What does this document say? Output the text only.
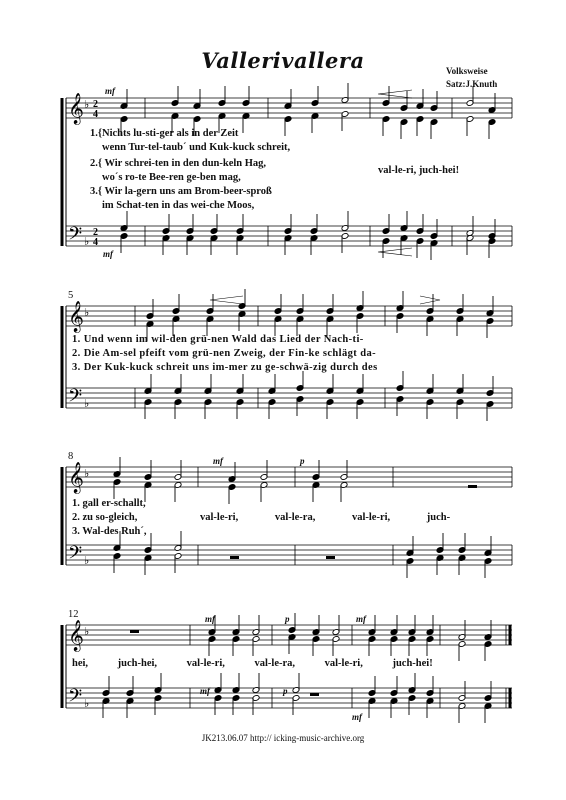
Vallerivallera	Volksweise
Satz:J.Knuth
𝄞
𝄢
𝄞
𝄢
𝄞
𝄢
𝄞
𝄢
♭
♭
♭
♭
♭
♭
♭
♭
2
4
2
4
mf
mf
mf	p
mf	p	mf
mf	p
mf
5
8
12
1.{Nichts lu-sti-ger als in der Zeit
wenn Tur-tel-taub´ und Kuk-kuck schreit,
2.{ Wir schrei-ten in den dun-keln Hag,
wo´s ro-te Bee-ren ge-ben mag,
3.{ Wir la-gern uns am Brom-beer-sproß
im Schat-ten in das wei-che Moos,
val-le-ri, juch-hei!
1. Und wenn im wil-den grü-nen Wald das Lied der Nach-ti-
2. Die Am-sel pfeift vom grü-nen Zweig, der Fin-ke schlägt da-
3. Der Kuk-kuck schreit uns im-mer zu ge-schwä-zig durch des
1. gall er-schallt,
2. zu so-gleich,
3. Wal-des Ruh´,
val-le-ri, val-le-ra, val-le-ri, juch-
hei, juch-hei, val-le-ri, val-le-ra, val-le-ri, juch-hei!
JK213.06.07 http:// icking-music-archive.org
